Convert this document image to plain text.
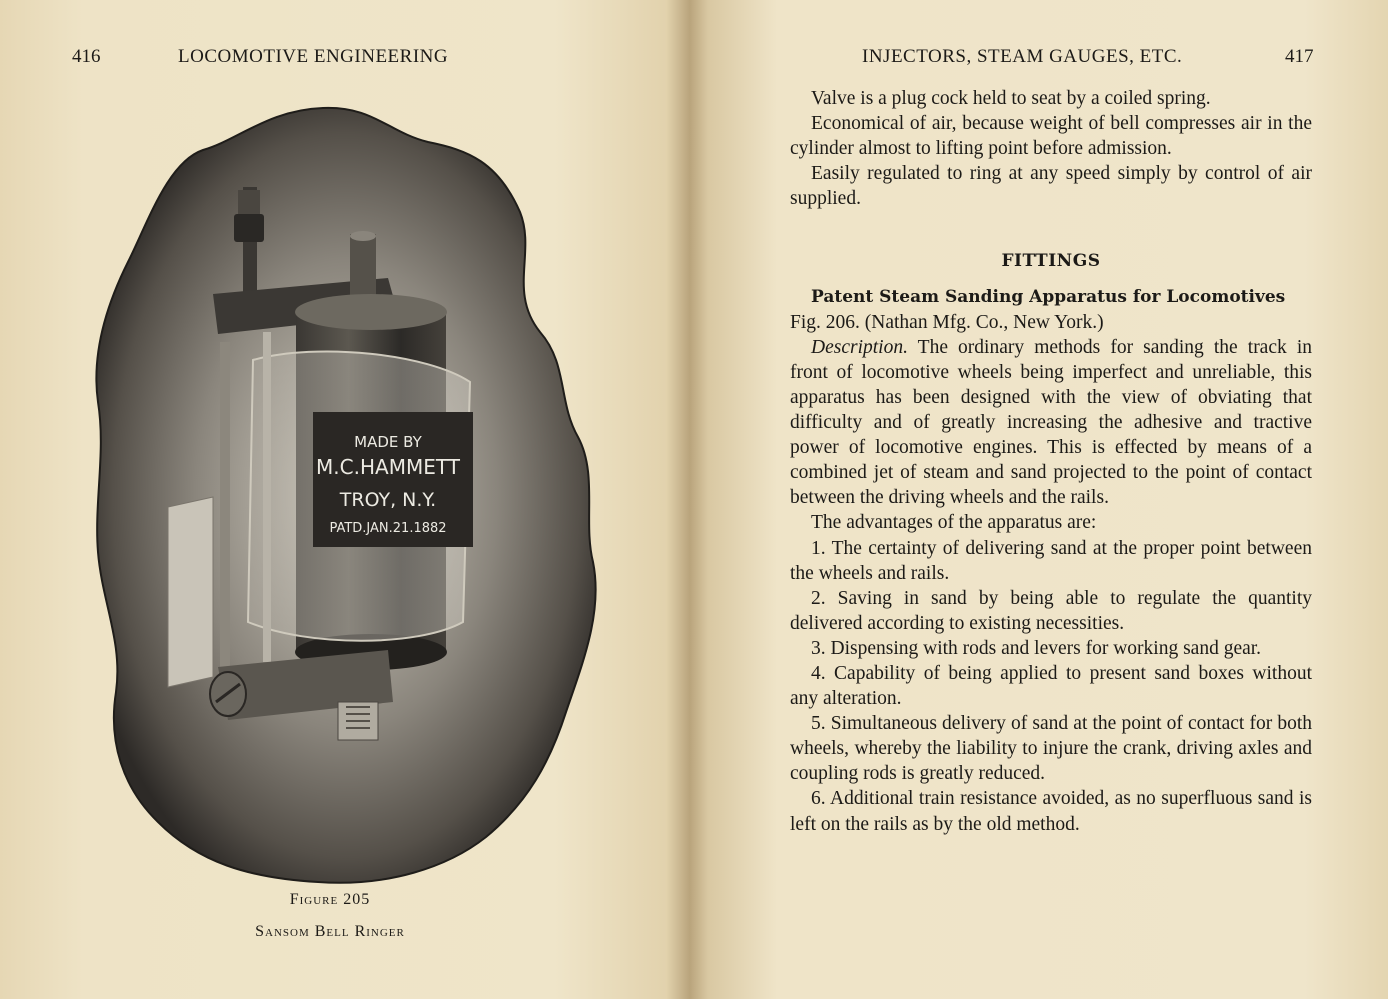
416	LOCOMOTIVE ENGINEERING
MADE BY
M.C.HAMMETT
TROY, N.Y.
PATD.JAN.21.1882
Figure 205
Sansom Bell Ringer
INJECTORS, STEAM GAUGES, ETC.	417

Valve is a plug cock held to seat by a coiled spring.

Economical of air, because weight of bell compresses air in the cylinder almost to lifting point before admission.

Easily regulated to ring at any speed simply by control of air supplied.

FITTINGS

Patent Steam Sanding Apparatus for Locomotives

Fig. 206. (Nathan Mfg. Co., New York.)

Description. The ordinary methods for sanding the track in front of locomotive wheels being imperfect and unreliable, this apparatus has been designed with the view of obviating that difficulty and of greatly increasing the adhesive and tractive power of locomotive engines. This is effected by means of a combined jet of steam and sand projected to the point of contact between the driving wheels and the rails.

The advantages of the apparatus are:

1. The certainty of delivering sand at the proper point between the wheels and rails.

2. Saving in sand by being able to regulate the quantity delivered according to existing necessities.

3. Dispensing with rods and levers for working sand gear.

4. Capability of being applied to present sand boxes without any alteration.

5. Simultaneous delivery of sand at the point of contact for both wheels, whereby the liability to injure the crank, driving axles and coupling rods is greatly reduced.

6. Additional train resistance avoided, as no superfluous sand is left on the rails as by the old method.
